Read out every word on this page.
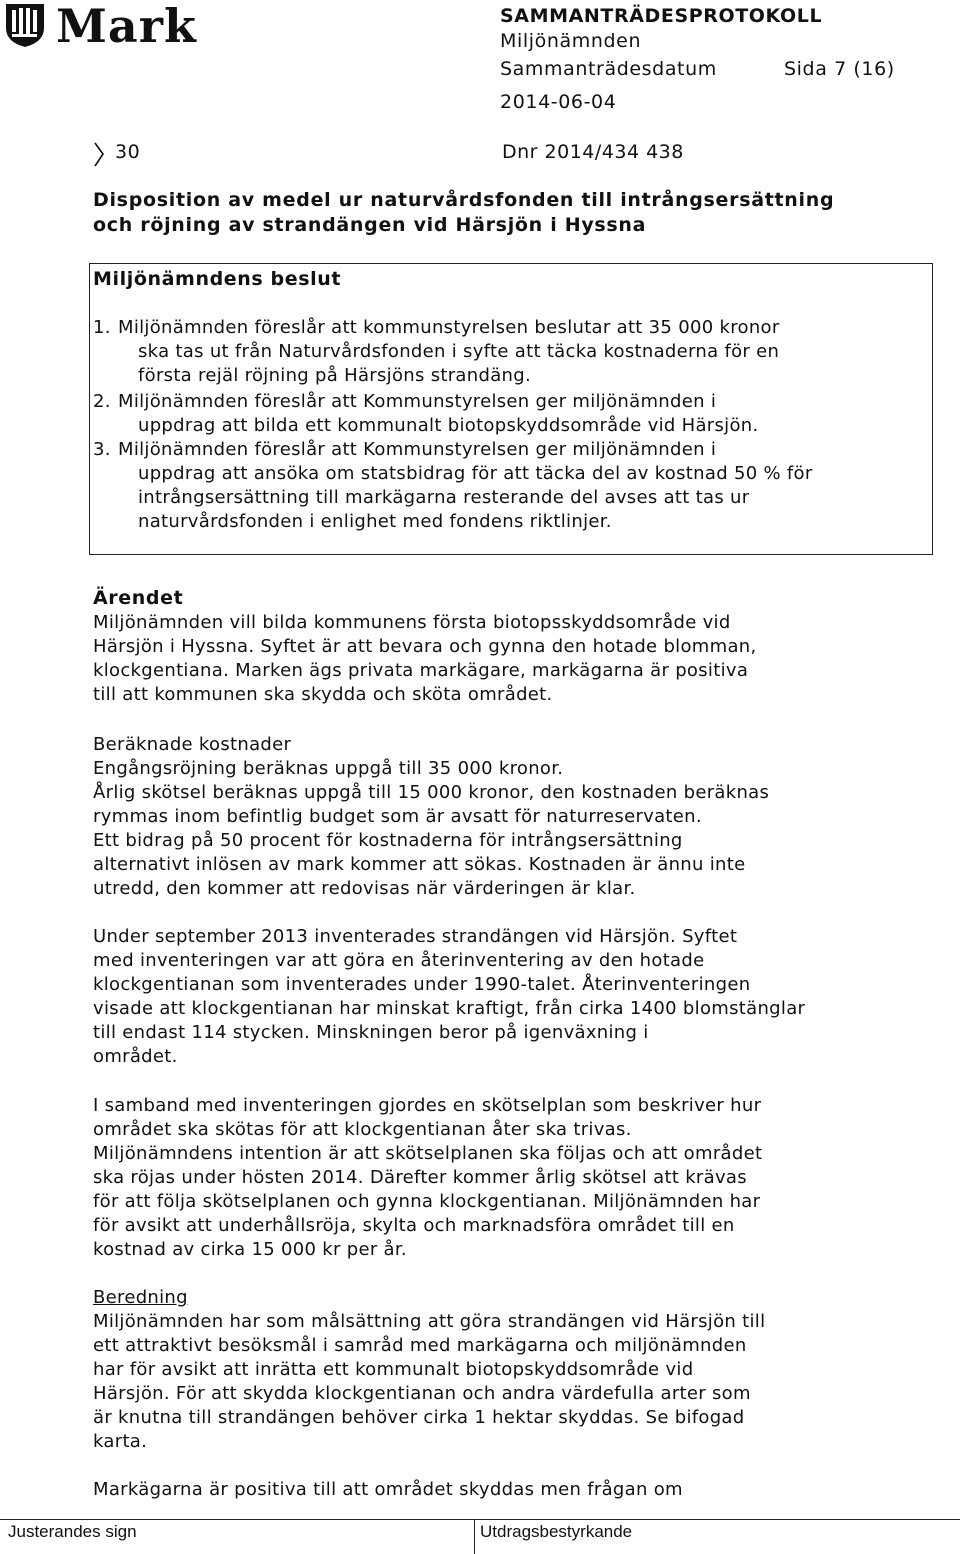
Mark	SAMMANTRÄDESPROTOKOLL
Miljönämnden
Sammanträdesdatum	Sida 7 (16)
2014-06-04
30	Dnr 2014/434 438
Disposition av medel ur naturvårdsfonden till intrångsersättning
och röjning av strandängen vid Härsjön i Hyssna
Miljönämndens beslut
1. Miljönämnden föreslår att kommunstyrelsen beslutar att 35 000 kronor
ska tas ut från Naturvårdsfonden i syfte att täcka kostnaderna för en
första rejäl röjning på Härsjöns strandäng.
2. Miljönämnden föreslår att Kommunstyrelsen ger miljönämnden i
uppdrag att bilda ett kommunalt biotopskyddsområde vid Härsjön.
3. Miljönämnden föreslår att Kommunstyrelsen ger miljönämnden i
uppdrag att ansöka om statsbidrag för att täcka del av kostnad 50 % för
intrångsersättning till markägarna resterande del avses att tas ur
naturvårdsfonden i enlighet med fondens riktlinjer.
Ärendet
Miljönämnden vill bilda kommunens första biotopsskyddsområde vid
Härsjön i Hyssna. Syftet är att bevara och gynna den hotade blomman,
klockgentiana. Marken ägs privata markägare, markägarna är positiva
till att kommunen ska skydda och sköta området.
Beräknade kostnader
Engångsröjning beräknas uppgå till 35 000 kronor.
Årlig skötsel beräknas uppgå till 15 000 kronor, den kostnaden beräknas
rymmas inom befintlig budget som är avsatt för naturreservaten.
Ett bidrag på 50 procent för kostnaderna för intrångsersättning
alternativt inlösen av mark kommer att sökas. Kostnaden är ännu inte
utredd, den kommer att redovisas när värderingen är klar.
Under september 2013 inventerades strandängen vid Härsjön. Syftet
med inventeringen var att göra en återinventering av den hotade
klockgentianan som inventerades under 1990-talet. Återinventeringen
visade att klockgentianan har minskat kraftigt, från cirka 1400 blomstänglar
till endast 114 stycken. Minskningen beror på igenväxning i
området.
I samband med inventeringen gjordes en skötselplan som beskriver hur
området ska skötas för att klockgentianan åter ska trivas.
Miljönämndens intention är att skötselplanen ska följas och att området
ska röjas under hösten 2014. Därefter kommer årlig skötsel att krävas
för att följa skötselplanen och gynna klockgentianan. Miljönämnden har
för avsikt att underhållsröja, skylta och marknadsföra området till en
kostnad av cirka 15 000 kr per år.
Beredning
Miljönämnden har som målsättning att göra strandängen vid Härsjön till
ett attraktivt besöksmål i samråd med markägarna och miljönämnden
har för avsikt att inrätta ett kommunalt biotopskyddsområde vid
Härsjön. För att skydda klockgentianan och andra värdefulla arter som
är knutna till strandängen behöver cirka 1 hektar skyddas. Se bifogad
karta.
Markägarna är positiva till att området skyddas men frågan om
Justerandes sign	Utdragsbestyrkande
